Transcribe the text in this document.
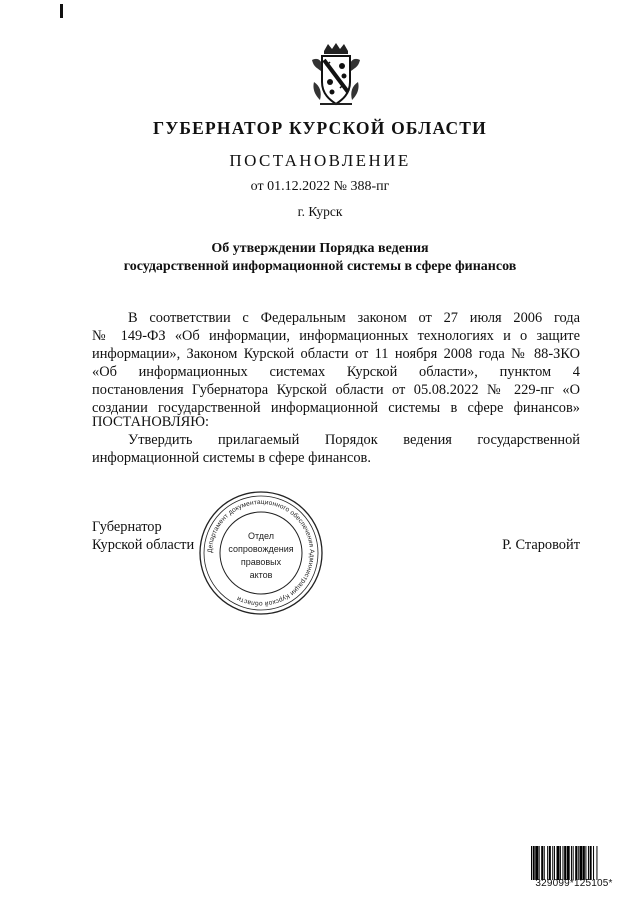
ГУБЕРНАТОР КУРСКОЙ ОБЛАСТИ
ПОСТАНОВЛЕНИЕ
от 01.12.2022 № 388-пг
г. Курск
Об утверждении Порядка ведения
государственной информационной системы в сфере финансов
В соответствии с Федеральным законом от 27 июля 2006 года
№ 149-ФЗ «Об информации, информационных технологиях и о защите
информации», Законом Курской области от 11 ноября 2008 года № 88-ЗКО
«Об информационных системах Курской области», пунктом 4
постановления Губернатора Курской области от 05.08.2022 № 229-пг «О
создании государственной информационной системы в сфере финансов»
ПОСТАНОВЛЯЮ:
Утвердить прилагаемый Порядок ведения государственной
информационной системы в сфере финансов.
Губернатор
Курской области	Р. Старовойт
Департамент документационного обеспечения Администрации Курской области
Отдел
сопровождения
правовых
актов
329099*125105*
